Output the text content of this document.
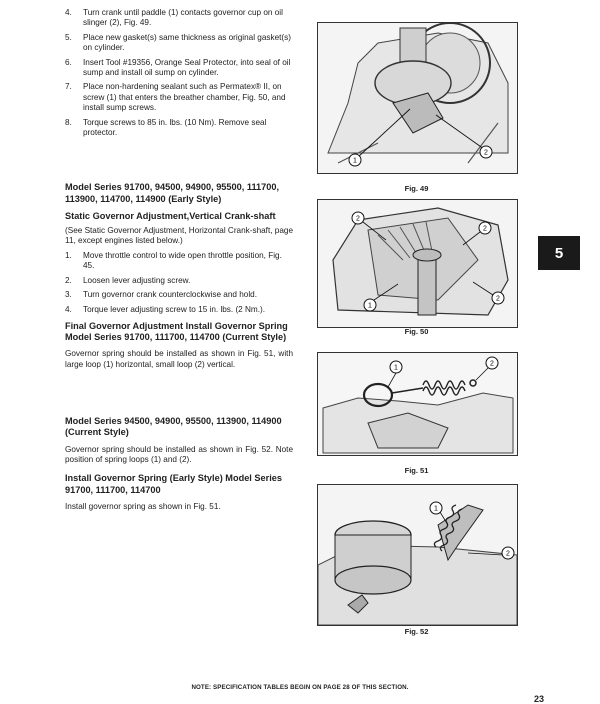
4. Turn crank until paddle (1) contacts governor cup on oil slinger (2), Fig. 49.
5. Place new gasket(s) same thickness as original gasket(s) on cylinder.
6. Insert Tool #19356, Orange Seal Protector, into seal of oil sump and install oil sump on cylinder.
7. Place non-hardening sealant such as Permatex® II, on screw (1) that enters the breather chamber, Fig. 50, and install sump screws.
8. Torque screws to 85 in. lbs. (10 Nm). Remove seal protector.
Model Series 91700, 94500, 94900, 95500, 111700, 113900, 114700, 114900 (Early Style)
Static Governor Adjustment,Vertical Crank-shaft
(See Static Governor Adjustment, Horizontal Crank-shaft, page 11, except engines listed below.)
1. Move throttle control to wide open throttle position, Fig. 45.
2. Loosen lever adjusting screw.
3. Turn governor crank counterclockwise and hold.
4. Torque lever adjusting screw to 15 in. lbs. (2 Nm.).
Final Governor Adjustment Install Governor Spring Model Series 91700, 111700, 114700 (Current Style)
Governor spring should be installed as shown in Fig. 51, with large loop (1) horizontal, small loop (2) vertical.
Model Series 94500, 94900, 95500, 113900, 114900 (Current Style)
Governor spring should be installed as shown in Fig. 52. Note position of spring loops (1) and (2).
Install Governor Spring (Early Style) Model Series 91700, 111700, 114700
Install governor spring as shown in Fig. 51.
1
2
Fig. 49
2
1
2
2
Fig. 50
1
2
Fig. 51
1
2
Fig. 52
5
NOTE: SPECIFICATION TABLES BEGIN ON PAGE 28 OF THIS SECTION.
23
